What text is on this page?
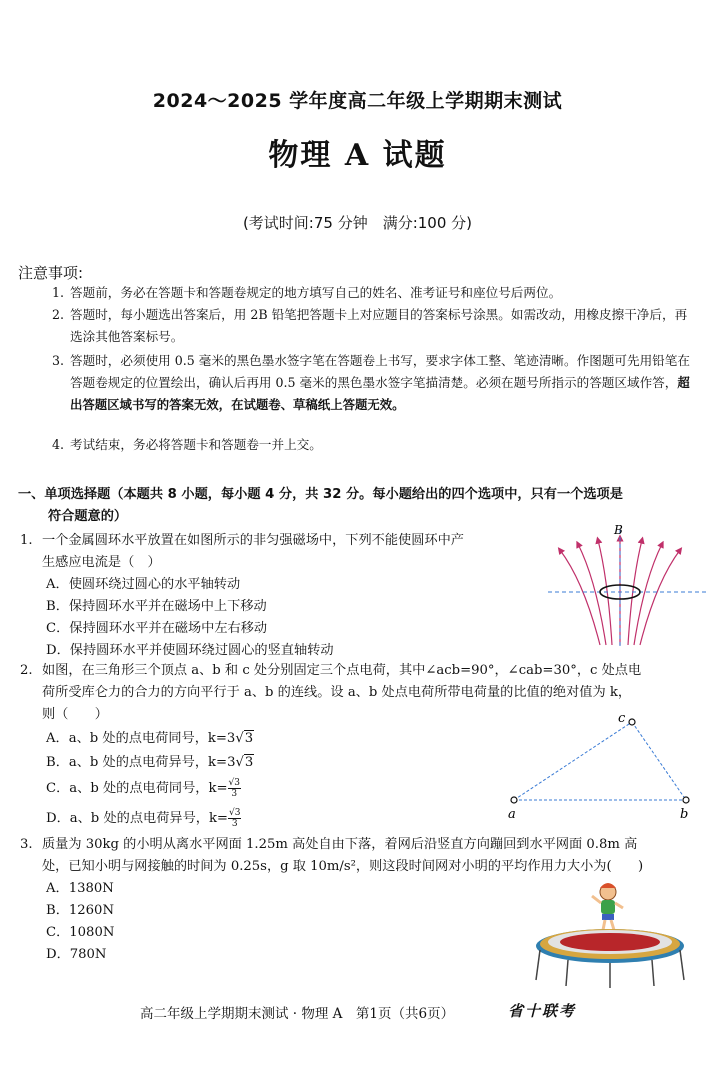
2024～2025 学年度高二年级上学期期末测试
物理 A 试题
(考试时间:75 分钟　满分:100 分)
注意事项:
1. 答题前，务必在答题卡和答题卷规定的地方填写自己的姓名、准考证号和座位号后两位。
2. 答题时，每小题选出答案后，用 2B 铅笔把答题卡上对应题目的答案标号涂黑。如需改动，用橡皮擦干净后，再选涂其他答案标号。
3. 答题时，必须使用 0.5 毫米的黑色墨水签字笔在答题卷上书写，要求字体工整、笔迹清晰。作图题可先用铅笔在答题卷规定的位置绘出，确认后再用 0.5 毫米的黑色墨水签字笔描清楚。必须在题号所指示的答题区域作答，超出答题区域书写的答案无效，在试题卷、草稿纸上答题无效。
4. 考试结束，务必将答题卡和答题卷一并上交。
一、单项选择题（本题共 8 小题，每小题 4 分，共 32 分。每小题给出的四个选项中，只有一个选项是
符合题意的）
1. 一个金属圆环水平放置在如图所示的非匀强磁场中，下列不能使圆环中产
生感应电流是（　）
A．使圆环绕过圆心的水平轴转动
B．保持圆环水平并在磁场中上下移动
C．保持圆环水平并在磁场中左右移动
D．保持圆环水平并使圆环绕过圆心的竖直轴转动
B
2. 如图，在三角形三个顶点 a、b 和 c 处分别固定三个点电荷，其中∠acb=90°，∠cab=30°，c 处点电
荷所受库仑力的合力的方向平行于 a、b 的连线。设 a、b 处点电荷所带电荷量的比值的绝对值为 k，
则（　　）
A．a、b 处的点电荷同号，k=3√3
B．a、b 处的点电荷异号，k=3√3
C．a、b 处的点电荷同号，$k= \frac{√3}{3}$
D．a、b 处的点电荷异号，$k= \frac{√3}{3}$	a	b
c
3. 质量为 30kg 的小明从离水平网面 1.25m 高处自由下落，着网后沿竖直方向蹦回到水平网面 0.8m 高
处，已知小明与网接触的时间为 0.25s，g 取 10m/s²，则这段时间网对小明的平均作用力大小为(　　)
A．1380N
B．1260N
C．1080N
D．780N
高二年级上学期期末测试 · 物理 A　第1页（共6页）	省十联考
